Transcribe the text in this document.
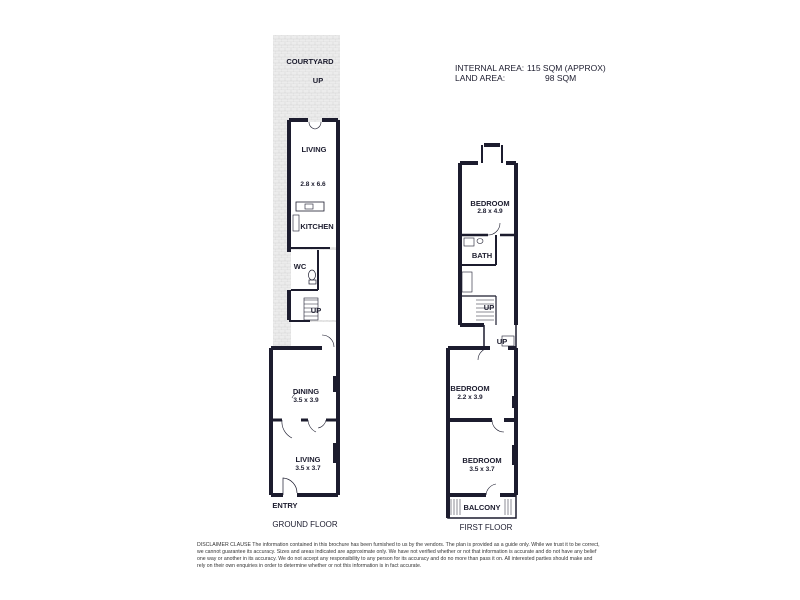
COURTYARD
UP
LIVING
2.8 x 6.6
KITCHEN
WC
UP
DINING
3.5 x 3.9
LIVING
3.5 x 3.7
ENTRY
GROUND FLOOR
BEDROOM
2.8 x 4.9
BATH
UP
UP
BEDROOM
2.2 x 3.9
BEDROOM
3.5 x 3.7
BALCONY
FIRST FLOOR
INTERNAL AREA: 115 SQM (APPROX)
LAND AREA:	98 SQM
DISCLAIMER CLAUSE The information contained in this brochure has been furnished to us by the vendors. The plan is provided as a guide only. While we trust it to be correct, we cannot guarantee its accuracy. Sizes and areas indicated are approximate only. We have not verified whether or not that information is accurate and do not have any belief one way or another in its accuracy. We do not accept any responsibility to any person for its accuracy and do no more than pass it on. All interested parties should make and rely on their own enquiries in order to determine whether or not this information is in fact accurate.
